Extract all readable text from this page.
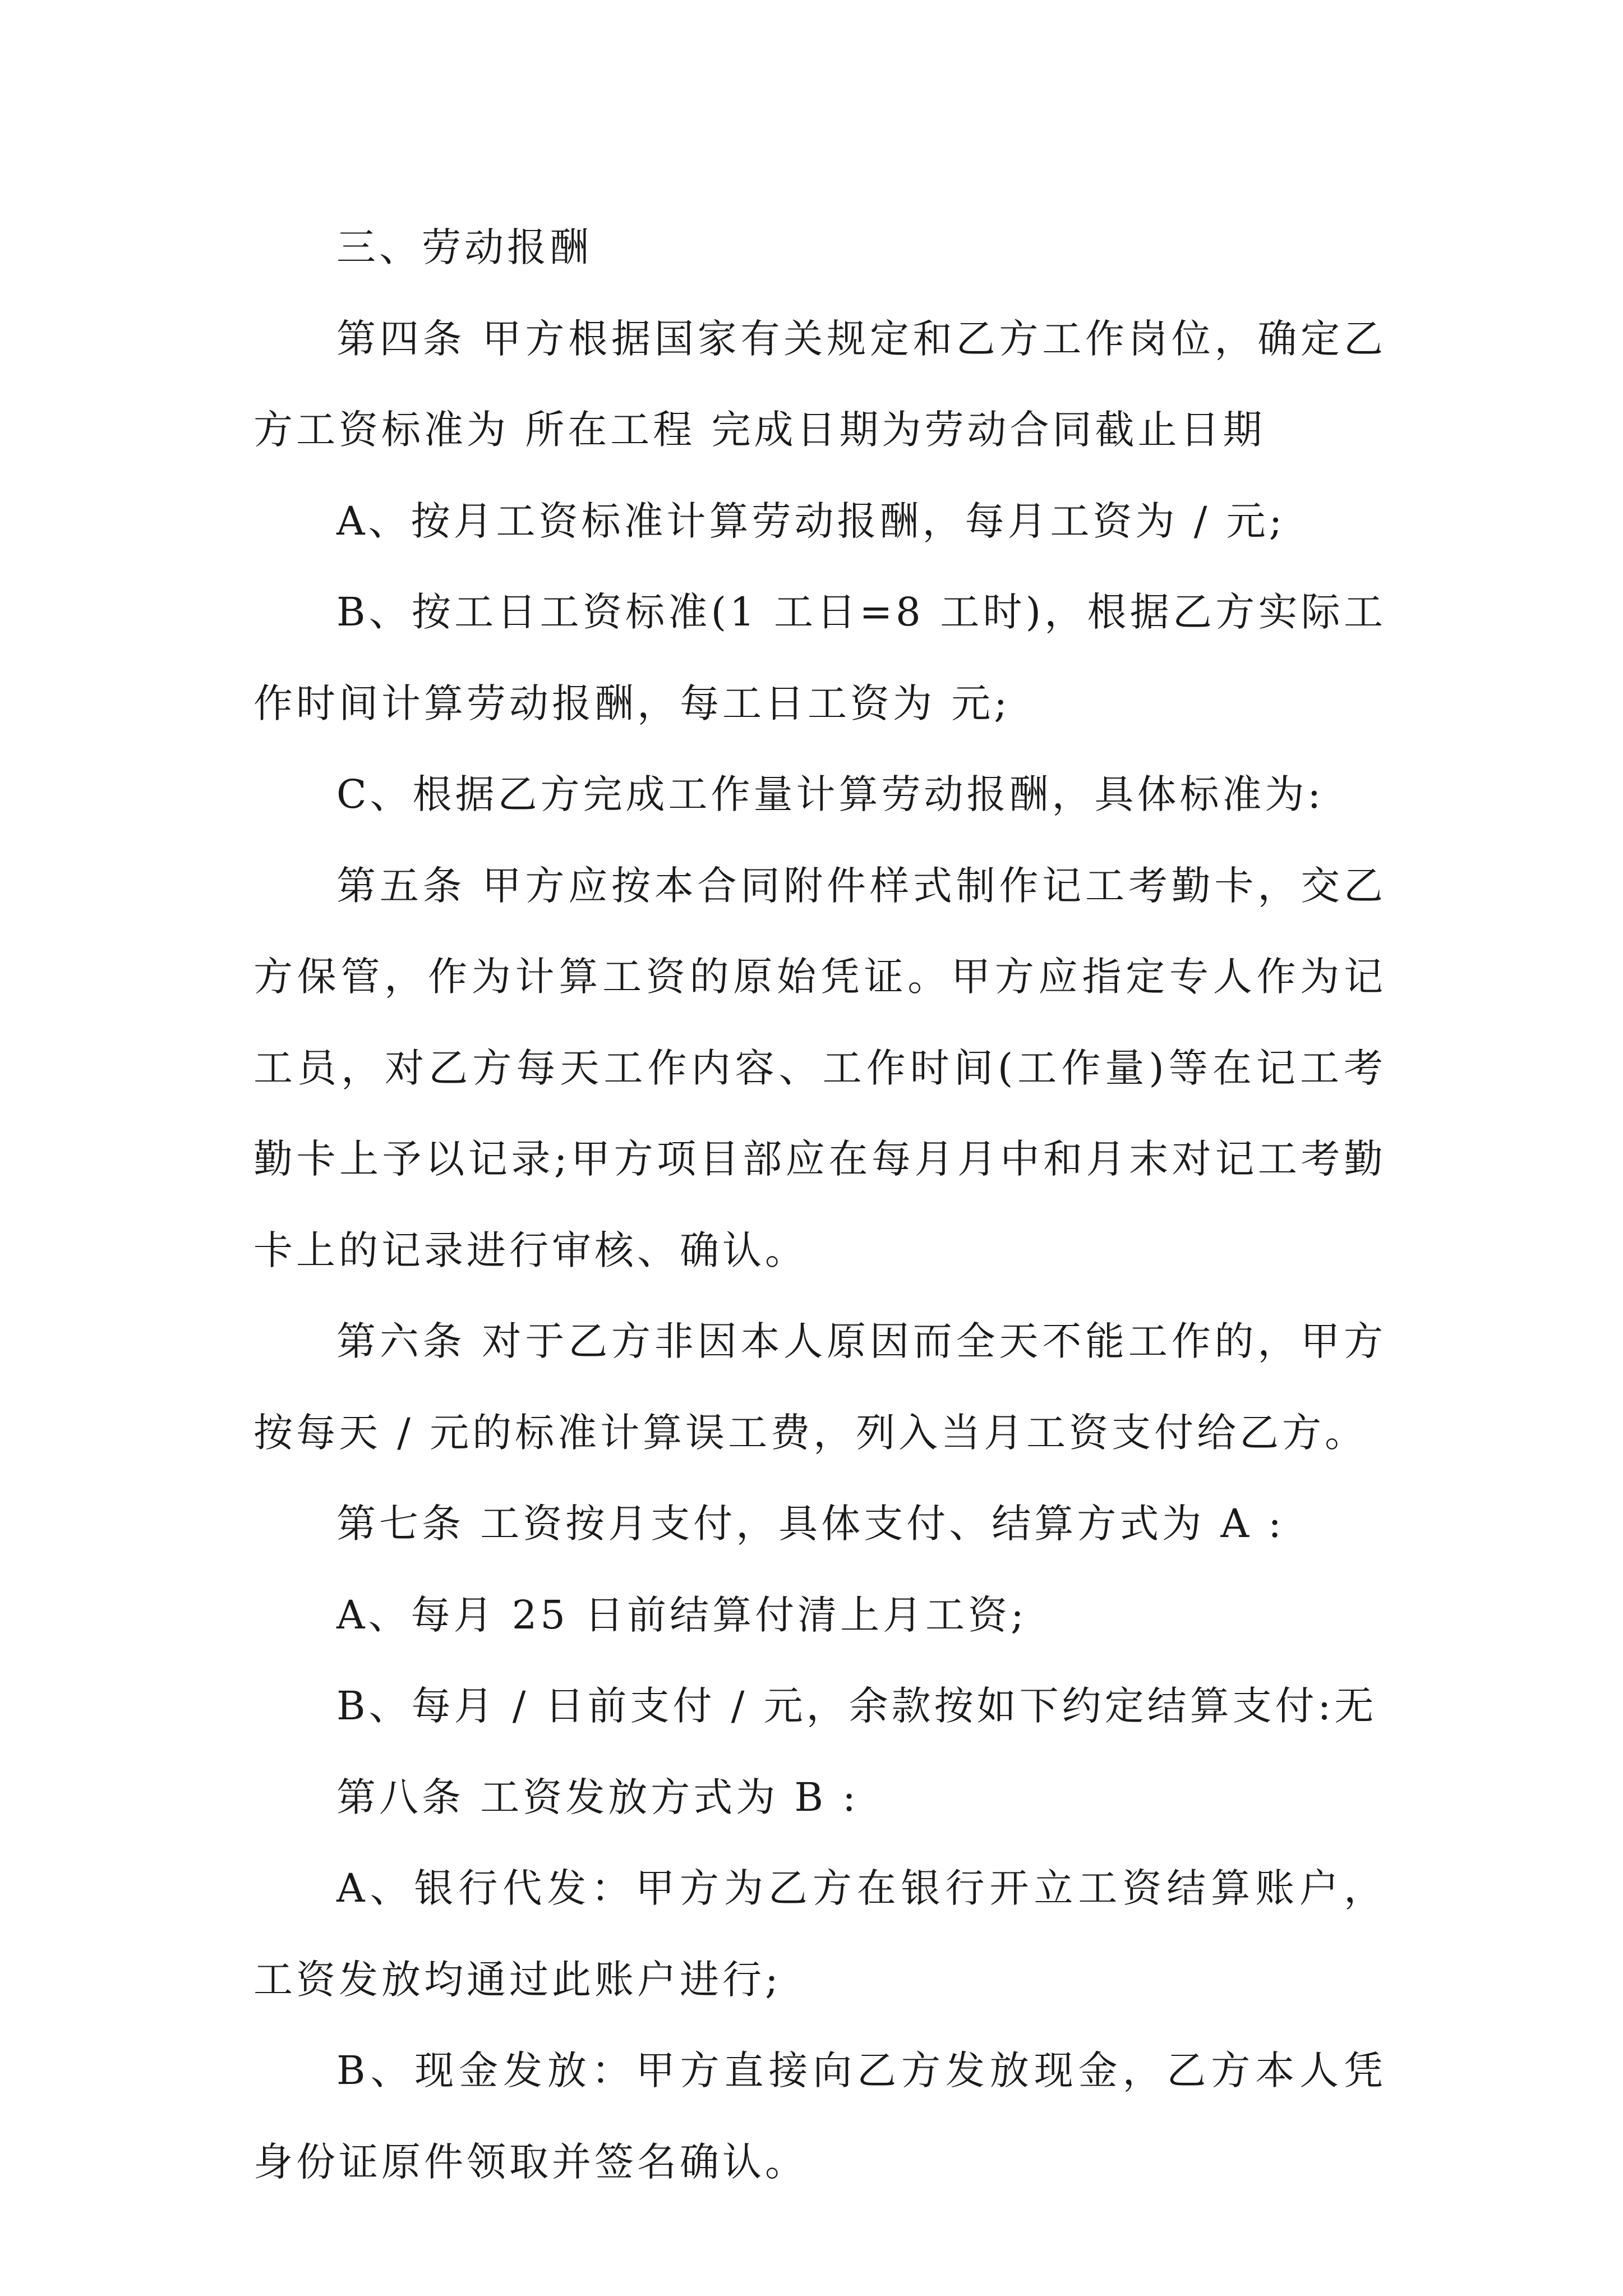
三、劳动报酬

第四条 甲方根据国家有关规定和乙方工作岗位，确定乙方工资标准为 所在工程 完成日期为劳动合同截止日期

A、按月工资标准计算劳动报酬，每月工资为 / 元;

B、按工日工资标准(1 工日=8 工时)，根据乙方实际工作时间计算劳动报酬，每工日工资为 元;

C、根据乙方完成工作量计算劳动报酬，具体标准为:

第五条 甲方应按本合同附件样式制作记工考勤卡，交乙方保管，作为计算工资的原始凭证。甲方应指定专人作为记工员，对乙方每天工作内容、工作时间(工作量)等在记工考勤卡上予以记录;甲方项目部应在每月月中和月末对记工考勤卡上的记录进行审核、确认。

第六条 对于乙方非因本人原因而全天不能工作的，甲方按每天 / 元的标准计算误工费，列入当月工资支付给乙方。

第七条 工资按月支付，具体支付、结算方式为 A :

A、每月 25 日前结算付清上月工资;

B、每月 / 日前支付 / 元，余款按如下约定结算支付:无

第八条 工资发放方式为 B :

A、银行代发：甲方为乙方在银行开立工资结算账户，工资发放均通过此账户进行;

B、现金发放：甲方直接向乙方发放现金，乙方本人凭身份证原件领取并签名确认。
